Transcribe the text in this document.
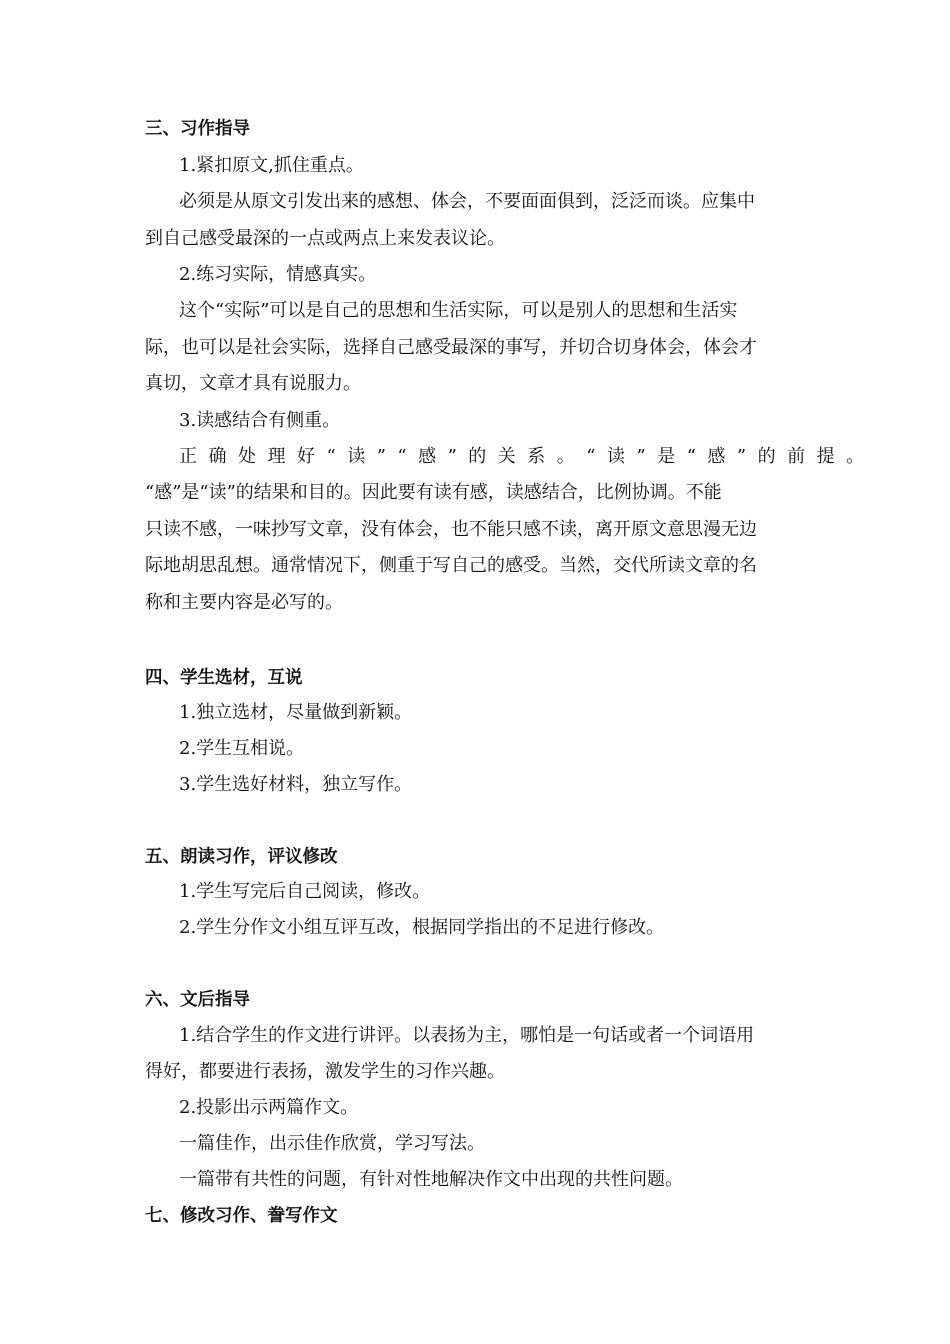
三、习作指导
1.紧扣原文,抓住重点。
必须是从原文引发出来的感想、体会，不要面面俱到，泛泛而谈。应集中
到自己感受最深的一点或两点上来发表议论。
2.练习实际，情感真实。
这个“实际”可以是自己的思想和生活实际，可以是别人的思想和生活实
际，也可以是社会实际，选择自己感受最深的事写，并切合切身体会，体会才
真切，文章才具有说服力。
3.读感结合有侧重。
正确处理好“读”“感”的关系。“读”是“感”的前提。
“感”是“读”的结果和目的。因此要有读有感，读感结合，比例协调。不能
只读不感，一味抄写文章，没有体会，也不能只感不读，离开原文意思漫无边
际地胡思乱想。通常情况下，侧重于写自己的感受。当然，交代所读文章的名
称和主要内容是必写的。
四、学生选材，互说
1.独立选材，尽量做到新颖。
2.学生互相说。
3.学生选好材料，独立写作。
五、朗读习作，评议修改
1.学生写完后自己阅读，修改。
2.学生分作文小组互评互改，根据同学指出的不足进行修改。
六、文后指导
1.结合学生的作文进行讲评。以表扬为主，哪怕是一句话或者一个词语用
得好，都要进行表扬，激发学生的习作兴趣。
2.投影出示两篇作文。
一篇佳作，出示佳作欣赏，学习写法。
一篇带有共性的问题，有针对性地解决作文中出现的共性问题。
七、修改习作、誊写作文
